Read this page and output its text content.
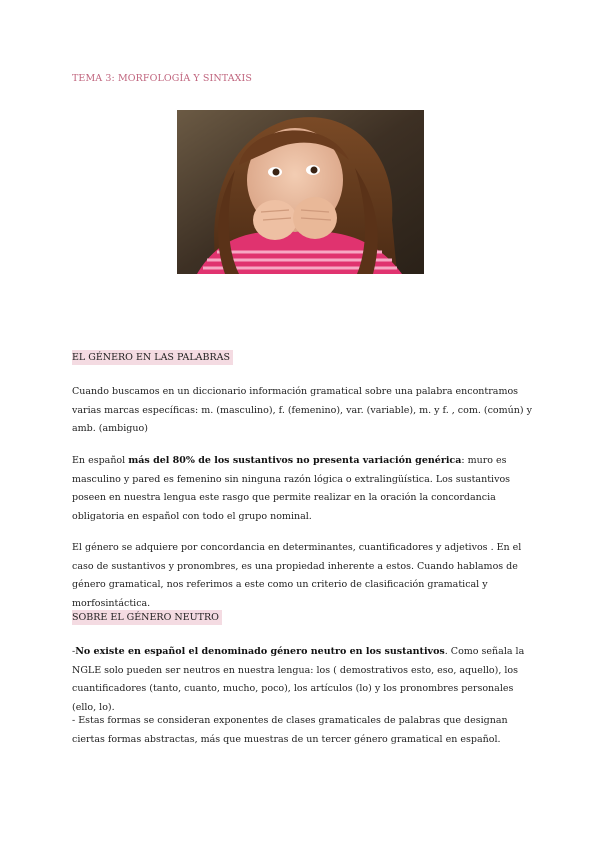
TEMA 3: MORFOLOGÍA Y SINTAXIS
EL GÉNERO EN LAS PALABRAS

Cuando buscamos en un diccionario información gramatical sobre una palabra encontramos varias marcas específicas: m. (masculino), f. (femenino), var. (variable), m. y f. , com. (común) y amb. (ambiguo)

En español más del 80% de los sustantivos no presenta variación genérica: muro es masculino y pared es femenino sin ninguna razón lógica o extralingüística. Los sustantivos poseen en nuestra lengua este rasgo que permite realizar en la oración la concordancia obligatoria en español con todo el grupo nominal.

El género se adquiere por concordancia en determinantes, cuantificadores y adjetivos . En el caso de sustantivos y pronombres, es una propiedad inherente a estos. Cuando hablamos de género gramatical, nos referimos a este como un criterio de clasificación gramatical y morfosintáctica.

SOBRE EL GÉNERO NEUTRO

-No existe en español el denominado género neutro en los sustantivos. Como señala la NGLE solo pueden ser neutros en nuestra lengua: los ( demostrativos esto, eso, aquello), los cuantificadores (tanto, cuanto, mucho, poco), los artículos (lo) y los pronombres personales (ello, lo).

- Estas formas se consideran exponentes de clases gramaticales de palabras que designan ciertas formas abstractas, más que muestras de un tercer género gramatical en español.
